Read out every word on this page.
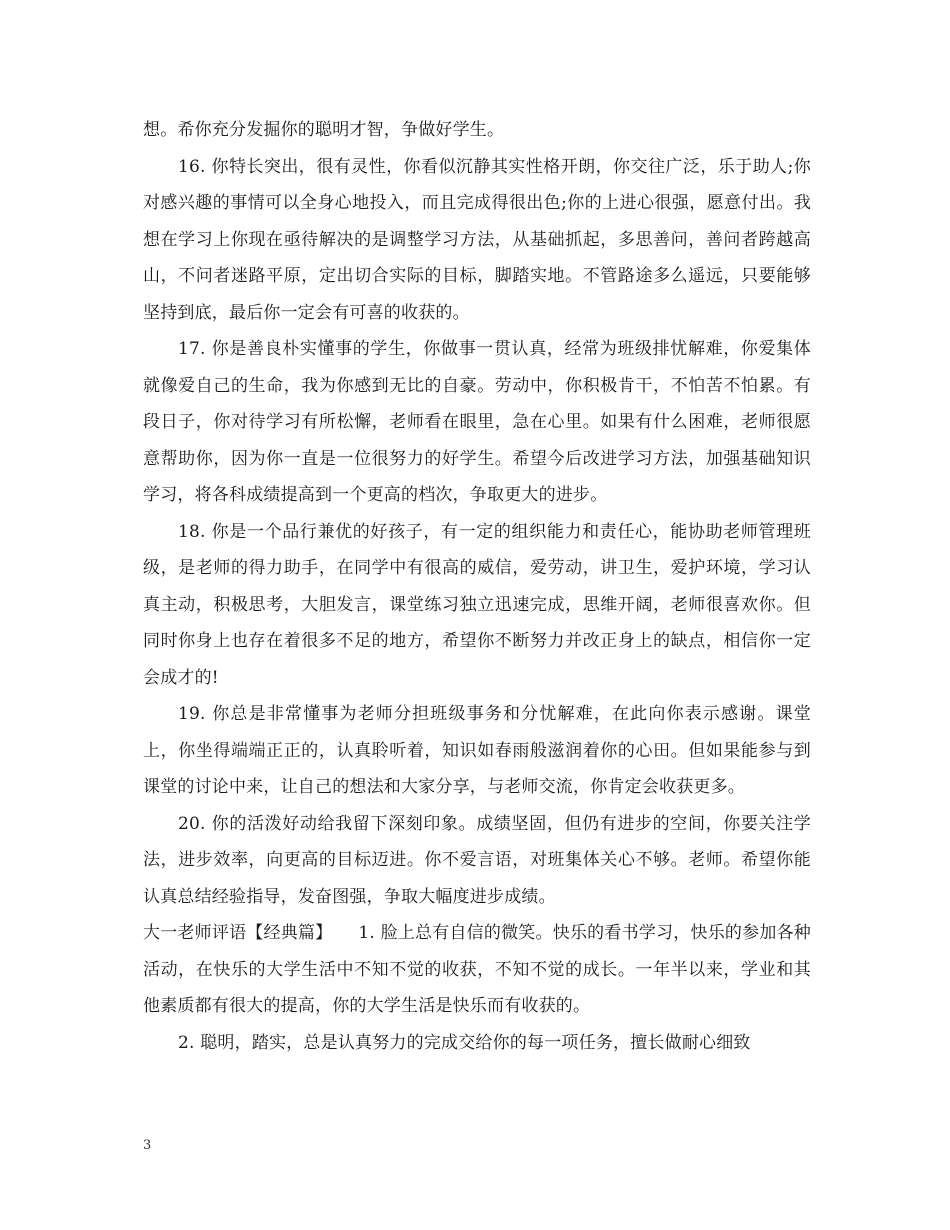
想。希你充分发掘你的聪明才智，争做好学生。

16. 你特长突出，很有灵性，你看似沉静其实性格开朗，你交往广泛，乐于助人;你对感兴趣的事情可以全身心地投入，而且完成得很出色;你的上进心很强，愿意付出。我想在学习上你现在亟待解决的是调整学习方法，从基础抓起，多思善问，善问者跨越高山，不问者迷路平原，定出切合实际的目标，脚踏实地。不管路途多么遥远，只要能够坚持到底，最后你一定会有可喜的收获的。

17. 你是善良朴实懂事的学生，你做事一贯认真，经常为班级排忧解难，你爱集体就像爱自己的生命，我为你感到无比的自豪。劳动中，你积极肯干，不怕苦不怕累。有段日子，你对待学习有所松懈，老师看在眼里，急在心里。如果有什么困难，老师很愿意帮助你，因为你一直是一位很努力的好学生。希望今后改进学习方法，加强基础知识学习，将各科成绩提高到一个更高的档次，争取更大的进步。

18. 你是一个品行兼优的好孩子，有一定的组织能力和责任心，能协助老师管理班级，是老师的得力助手，在同学中有很高的威信，爱劳动，讲卫生，爱护环境，学习认真主动，积极思考，大胆发言，课堂练习独立迅速完成，思维开阔，老师很喜欢你。但同时你身上也存在着很多不足的地方，希望你不断努力并改正身上的缺点，相信你一定会成才的!

19. 你总是非常懂事为老师分担班级事务和分忧解难，在此向你表示感谢。课堂上，你坐得端端正正的，认真聆听着，知识如春雨般滋润着你的心田。但如果能参与到课堂的讨论中来，让自己的想法和大家分享，与老师交流，你肯定会收获更多。

20. 你的活泼好动给我留下深刻印象。成绩坚固，但仍有进步的空间，你要关注学法，进步效率，向更高的目标迈进。你不爱言语，对班集体关心不够。老师。希望你能认真总结经验指导，发奋图强，争取大幅度进步成绩。

大一老师评语【经典篇】　　1. 脸上总有自信的微笑。快乐的看书学习，快乐的参加各种活动，在快乐的大学生活中不知不觉的收获，不知不觉的成长。一年半以来，学业和其他素质都有很大的提高，你的大学生活是快乐而有收获的。

2. 聪明，踏实，总是认真努力的完成交给你的每一项任务，擅长做耐心细致

3
